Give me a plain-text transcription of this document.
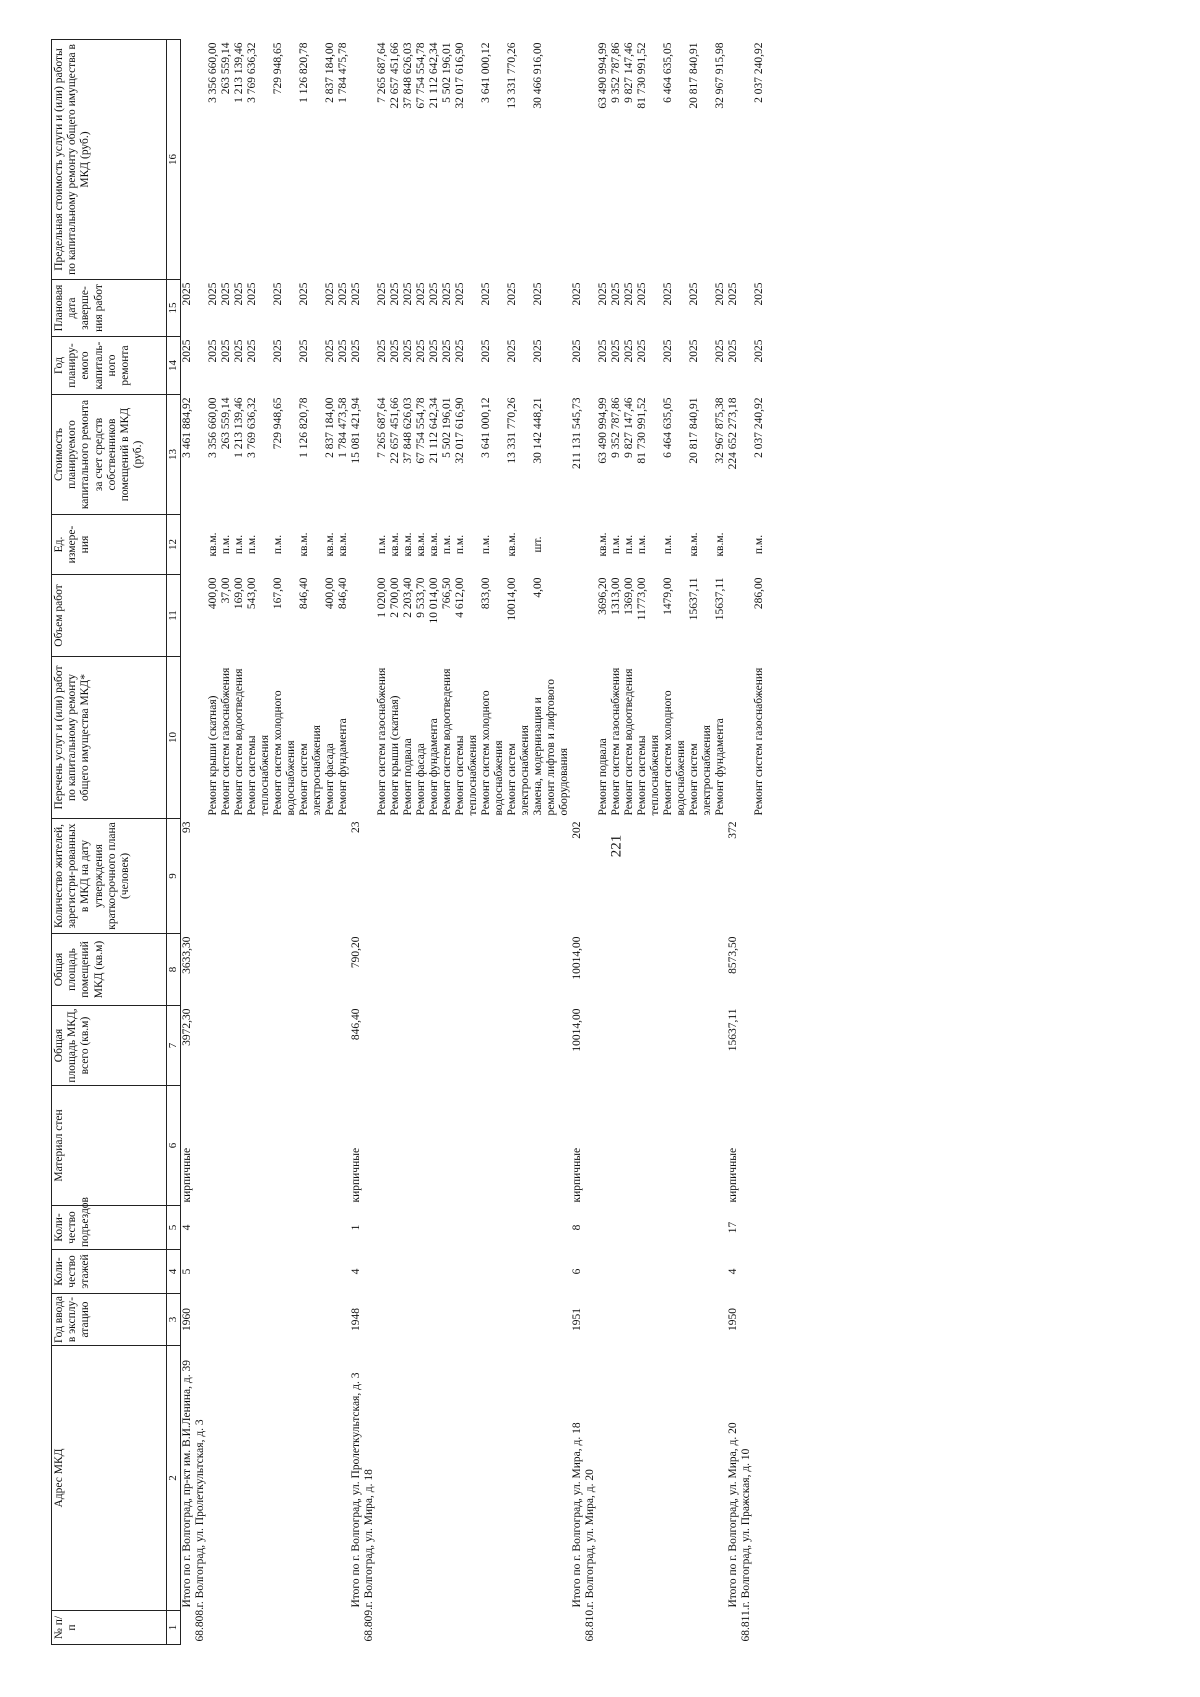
221
№ п/п	Адрес МКД	Год ввода в эксплу-атацию	Коли-чество этажей	Коли-чество подъездов	Материал стен	Общая площадь МКД, всего (кв.м)	Общая площадь помещений МКД (кв.м)	Количество жителей, зарегистри-рованных в МКД на дату утверждения краткосрочного плана (человек)	Перечень услуг и (или) работ по капитальному ремонту общего имущества МКД*	Объем работ	Ед. измере-ния	Стоимость планируемого капитального ремонта за счет средств собственников помещений в МКД (руб.)	Год планиру-емого капиталь-ного ремонта	Плановая дата заверше-ния работ	Предельная стоимость услуги и (или) работы по капитальному ремонту общего имущества в МКД (руб.)
1	2	3	4	5	6	7	8	9	10	11	12	13	14	15	16
	Итого по г. Волгоград, пр-кт им. В.И.Ленина, д. 39	1960	5	4	кирпичные	3972,30	3633,30	93				3 461 884,92	2025	2025	
68.808.	г. Волгоград, ул. Пролеткультская, д. 3														
									Ремонт крыши (скатная)	400,00	кв.м.	3 356 660,00	2025	2025	3 356 660,00
									Ремонт систем газоснабжения	37,00	п.м.	263 559,14	2025	2025	263 559,14
									Ремонт систем водоотведения	169,00	п.м.	1 213 139,46	2025	2025	1 213 139,46
									Ремонт системы теплоснабжения	543,00	п.м.	3 769 636,32	2025	2025	3 769 636,32
									Ремонт систем холодного водоснабжения	167,00	п.м.	729 948,65	2025	2025	729 948,65
									Ремонт систем электроснабжения	846,40	кв.м.	1 126 820,78	2025	2025	1 126 820,78
									Ремонт фасада	400,00	кв.м.	2 837 184,00	2025	2025	2 837 184,00
									Ремонт фундамента	846,40	кв.м.	1 784 473,58	2025	2025	1 784 475,78
	Итого по г. Волгоград, ул. Пролеткультская, д. 3	1948	4	1	кирпичные	846,40	790,20	23				15 081 421,94	2025	2025	
68.809.	г. Волгоград, ул. Мира, д. 18														
									Ремонт систем газоснабжения	1 020,00	п.м.	7 265 687,64	2025	2025	7 265 687,64
									Ремонт крыши (скатная)	2 700,00	кв.м.	22 657 451,66	2025	2025	22 657 451,66
									Ремонт подвала	2 203,40	кв.м.	37 848 626,03	2025	2025	37 848 626,03
									Ремонт фасада	9 533,70	кв.м.	67 754 554,78	2025	2025	67 754 554,78
									Ремонт фундамента	10 014,00	кв.м.	21 112 642,34	2025	2025	21 112 642,34
									Ремонт систем водоотведения	766,50	п.м.	5 502 196,01	2025	2025	5 502 196,01
									Ремонт системы теплоснабжения	4 612,00	п.м.	32 017 616,90	2025	2025	32 017 616,90
									Ремонт систем холодного водоснабжения	833,00	п.м.	3 641 000,12	2025	2025	3 641 000,12
									Ремонт систем электроснабжения	10014,00	кв.м.	13 331 770,26	2025	2025	13 331 770,26
									Замена, модернизация и ремонт лифтов и лифтового оборудования	4,00	шт.	30 142 448,21	2025	2025	30 466 916,00
	Итого по г. Волгоград, ул. Мира, д. 18	1951	6	8	кирпичные	10014,00	10014,00	202				211 131 545,73	2025	2025	
68.810.	г. Волгоград, ул. Мира, д. 20														
									Ремонт подвала	3696,20	кв.м.	63 490 994,99	2025	2025	63 490 994,99
									Ремонт систем газоснабжения	1313,00	п.м.	9 352 787,86	2025	2025	9 352 787,86
									Ремонт систем водоотведения	1369,00	п.м.	9 827 147,46	2025	2025	9 827 147,46
									Ремонт системы теплоснабжения	11773,00	п.м.	81 730 991,52	2025	2025	81 730 991,52
									Ремонт систем холодного водоснабжения	1479,00	п.м.	6 464 635,05	2025	2025	6 464 635,05
									Ремонт систем электроснабжения	15637,11	кв.м.	20 817 840,91	2025	2025	20 817 840,91
									Ремонт фундамента	15637,11	кв.м.	32 967 875,38	2025	2025	32 967 915,98
	Итого по г. Волгоград, ул. Мира, д. 20	1950	4	17	кирпичные	15637,11	8573,50	372				224 652 273,18	2025	2025	
68.811.	г. Волгоград, ул. Пражская, д. 10														
									Ремонт систем газоснабжения	286,00	п.м.	2 037 240,92	2025	2025	2 037 240,92
